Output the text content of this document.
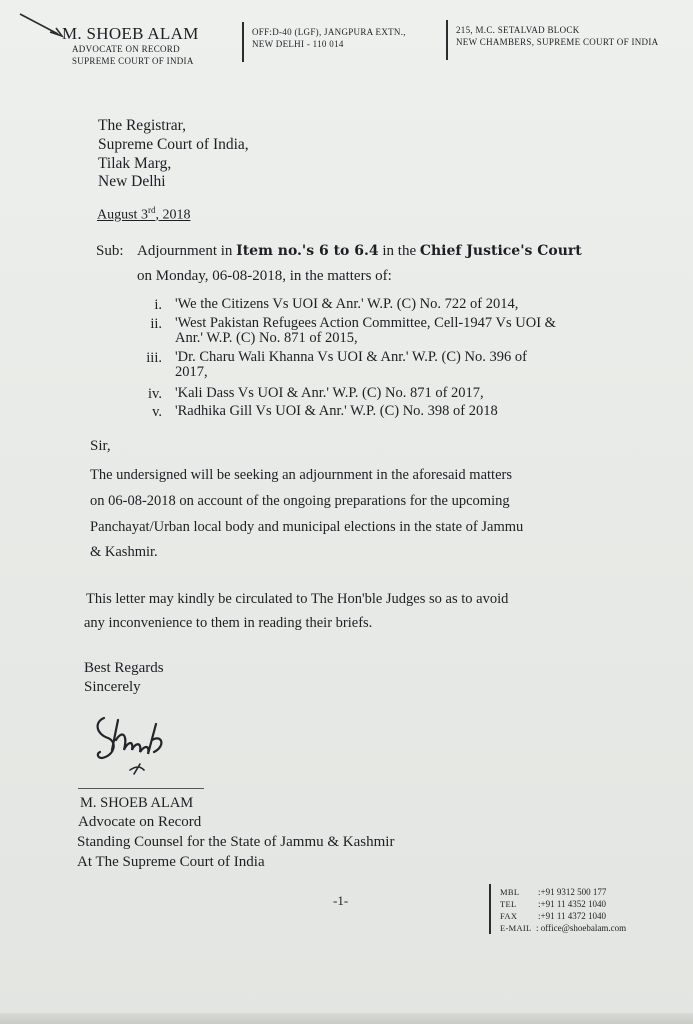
M. SHOEB ALAM
ADVOCATE ON RECORD
SUPREME COURT OF INDIA
OFF:D-40 (LGF), JANGPURA EXTN.,
NEW DELHI - 110 014
215, M.C. SETALVAD BLOCK
NEW CHAMBERS, SUPREME COURT OF INDIA
The Registrar,
Supreme Court of India,
Tilak Marg,
New Delhi
August 3rd, 2018
Sub: Adjournment in Item no.'s 6 to 6.4 in the Chief Justice's Court
on Monday, 06-08-2018, in the matters of:
i. 'We the Citizens Vs UOI & Anr.' W.P. (C) No. 722 of 2014,
ii. 'West Pakistan Refugees Action Committee, Cell-1947 Vs UOI &
Anr.' W.P. (C) No. 871 of 2015,
iii. 'Dr. Charu Wali Khanna Vs UOI & Anr.' W.P. (C) No. 396 of
2017,
iv. 'Kali Dass Vs UOI & Anr.' W.P. (C) No. 871 of 2017,
v. 'Radhika Gill Vs UOI & Anr.' W.P. (C) No. 398 of 2018
Sir,
The undersigned will be seeking an adjournment in the aforesaid matters
on 06-08-2018 on account of the ongoing preparations for the upcoming
Panchayat/Urban local body and municipal elections in the state of Jammu
& Kashmir.
This letter may kindly be circulated to The Hon'ble Judges so as to avoid
any inconvenience to them in reading their briefs.
Best Regards
Sincerely
M. SHOEB ALAM
Advocate on Record
Standing Counsel for the State of Jammu & Kashmir
At The Supreme Court of India
-1-
MBL :+91 9312 500 177
TEL :+91 11 4352 1040
FAX :+91 11 4372 1040
E-MAIL : office@shoebalam.com
